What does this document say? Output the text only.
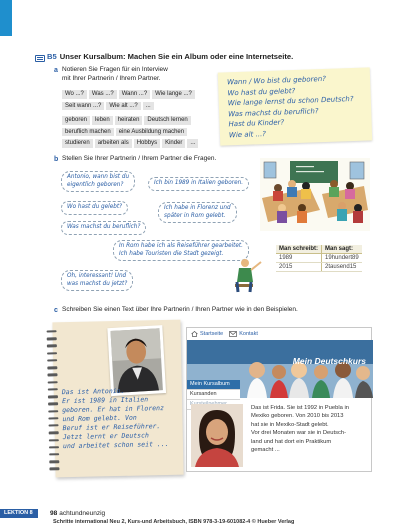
B5 Unser Kursalbum: Machen Sie ein Album oder eine Internetseite.
a Notieren Sie Fragen für ein Interview
mit Ihrer Partnerin / Ihrem Partner.
Wo ...?	Was ...?	Wann ...?	Wie lange ...?
Seit wann ...?	Wie alt ...?	...
geboren	leben	heiraten	Deutsch lernen
beruflich machen	eine Ausbildung machen
studieren	arbeiten als	Hobbys	Kinder	...
Wann / Wo bist du geboren?
Wo hast du gelebt?
Wie lange lernst du schon Deutsch?
Was machst du beruflich?
Hast du Kinder?
Wie alt ...?
b Stellen Sie Ihrer Partnerin / Ihrem Partner die Fragen.
Antonio, wann bist du
eigentlich geboren?	Ich bin 1989 in Italien geboren.
Wo hast du gelebt?	Ich habe in Florenz und
später in Rom gelebt.
Was machst du beruflich?
In Rom habe ich als Reiseführer gearbeitet.
Ich habe Touristen die Stadt gezeigt.
Oh, interessant! Und
was machst du jetzt?
Man schreibt:	Man sagt:
1989	19hundert89
2015	2tausend15
c Schreiben Sie einen Text über Ihre Partnerin / Ihren Partner wie in den Beispielen.
Das ist Antonio.
Er ist 1989 in Italien
geboren. Er hat in Florenz
und Rom gelebt. Von
Beruf ist er Reiseführer.
Jetzt lernt er Deutsch
und arbeitet schon seit ...
Startseite	Kontakt
Mein Deutschkurs
Mein Kursalbum
Kursanden
Das ist Frida. Sie ist 1992 in Puebla in
Mexiko geboren. Von 2010 bis 2013
hat sie in Mexiko-Stadt gelebt.
Vor drei Monaten war sie in Deutsch-
land und hat dort ein Praktikum
gemacht ...
LEKTION 8	98 achtundneunzig
Schritte international Neu 2, Kurs-und Arbeitsbuch, ISBN 978-3-19-601082-4 © Hueber Verlag
